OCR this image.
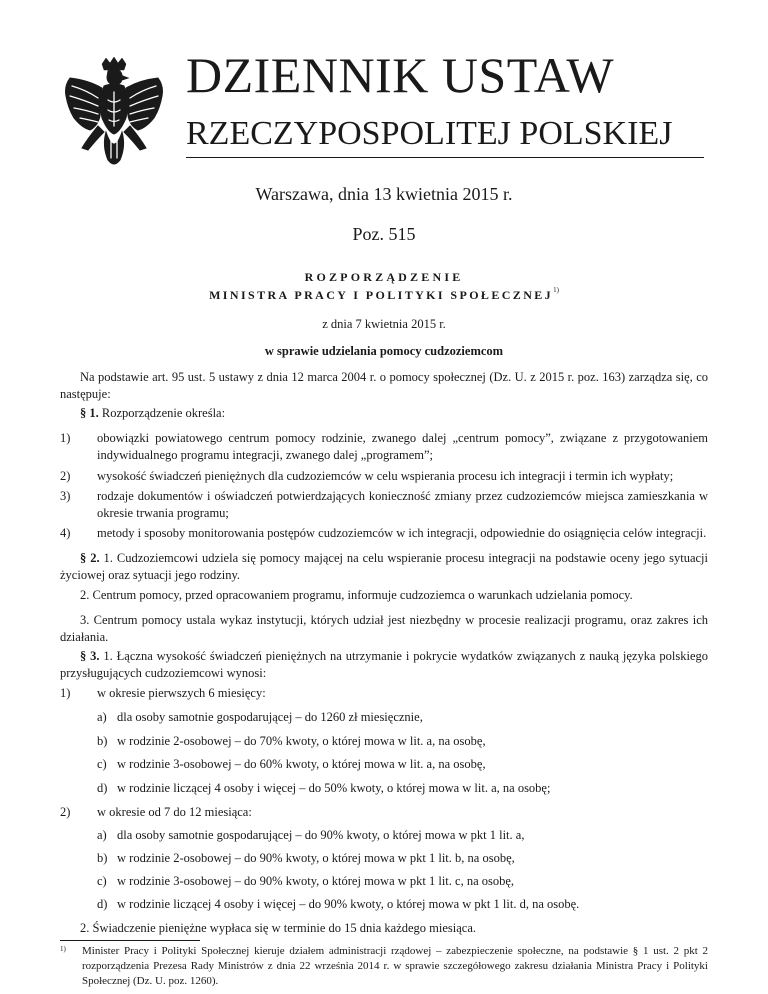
DZIENNIK USTAW
RZECZYPOSPOLITEJ POLSKIEJ
Warszawa, dnia 13 kwietnia 2015 r.
Poz. 515
ROZPORZĄDZENIE
MINISTRA PRACY I POLITYKI SPOŁECZNEJ$^{1)}$
z dnia 7 kwietnia 2015 r.
w sprawie udzielania pomocy cudzoziemcom
Na podstawie art. 95 ust. 5 ustawy z dnia 12 marca 2004 r. o pomocy społecznej (Dz. U. z 2015 r. poz. 163) zarządza się, co następuje:
§ 1. Rozporządzenie określa:
1) obowiązki powiatowego centrum pomocy rodzinie, zwanego dalej „centrum pomocy”, związane z przygotowaniem indywidualnego programu integracji, zwanego dalej „programem”;
2) wysokość świadczeń pieniężnych dla cudzoziemców w celu wspierania procesu ich integracji i termin ich wypłaty;
3) rodzaje dokumentów i oświadczeń potwierdzających konieczność zmiany przez cudzoziemców miejsca zamieszkania w okresie trwania programu;
4) metody i sposoby monitorowania postępów cudzoziemców w ich integracji, odpowiednie do osiągnięcia celów integracji.
§ 2. 1. Cudzoziemcowi udziela się pomocy mającej na celu wspieranie procesu integracji na podstawie oceny jego sytuacji życiowej oraz sytuacji jego rodziny.
2. Centrum pomocy, przed opracowaniem programu, informuje cudzoziemca o warunkach udzielania pomocy.
3. Centrum pomocy ustala wykaz instytucji, których udział jest niezbędny w procesie realizacji programu, oraz zakres ich działania.
§ 3. 1. Łączna wysokość świadczeń pieniężnych na utrzymanie i pokrycie wydatków związanych z nauką języka polskiego przysługujących cudzoziemcowi wynosi:
1) w okresie pierwszych 6 miesięcy:
a) dla osoby samotnie gospodarującej – do 1260 zł miesięcznie,
b) w rodzinie 2-osobowej – do 70% kwoty, o której mowa w lit. a, na osobę,
c) w rodzinie 3-osobowej – do 60% kwoty, o której mowa w lit. a, na osobę,
d) w rodzinie liczącej 4 osoby i więcej – do 50% kwoty, o której mowa w lit. a, na osobę;
2) w okresie od 7 do 12 miesiąca:
a) dla osoby samotnie gospodarującej – do 90% kwoty, o której mowa w pkt 1 lit. a,
b) w rodzinie 2-osobowej – do 90% kwoty, o której mowa w pkt 1 lit. b, na osobę,
c) w rodzinie 3-osobowej – do 90% kwoty, o której mowa w pkt 1 lit. c, na osobę,
d) w rodzinie liczącej 4 osoby i więcej – do 90% kwoty, o której mowa w pkt 1 lit. d, na osobę.
2. Świadczenie pieniężne wypłaca się w terminie do 15 dnia każdego miesiąca.
1) Minister Pracy i Polityki Społecznej kieruje działem administracji rządowej – zabezpieczenie społeczne, na podstawie § 1 ust. 2 pkt 2 rozporządzenia Prezesa Rady Ministrów z dnia 22 września 2014 r. w sprawie szczegółowego zakresu działania Ministra Pracy i Polityki Społecznej (Dz. U. poz. 1260).
